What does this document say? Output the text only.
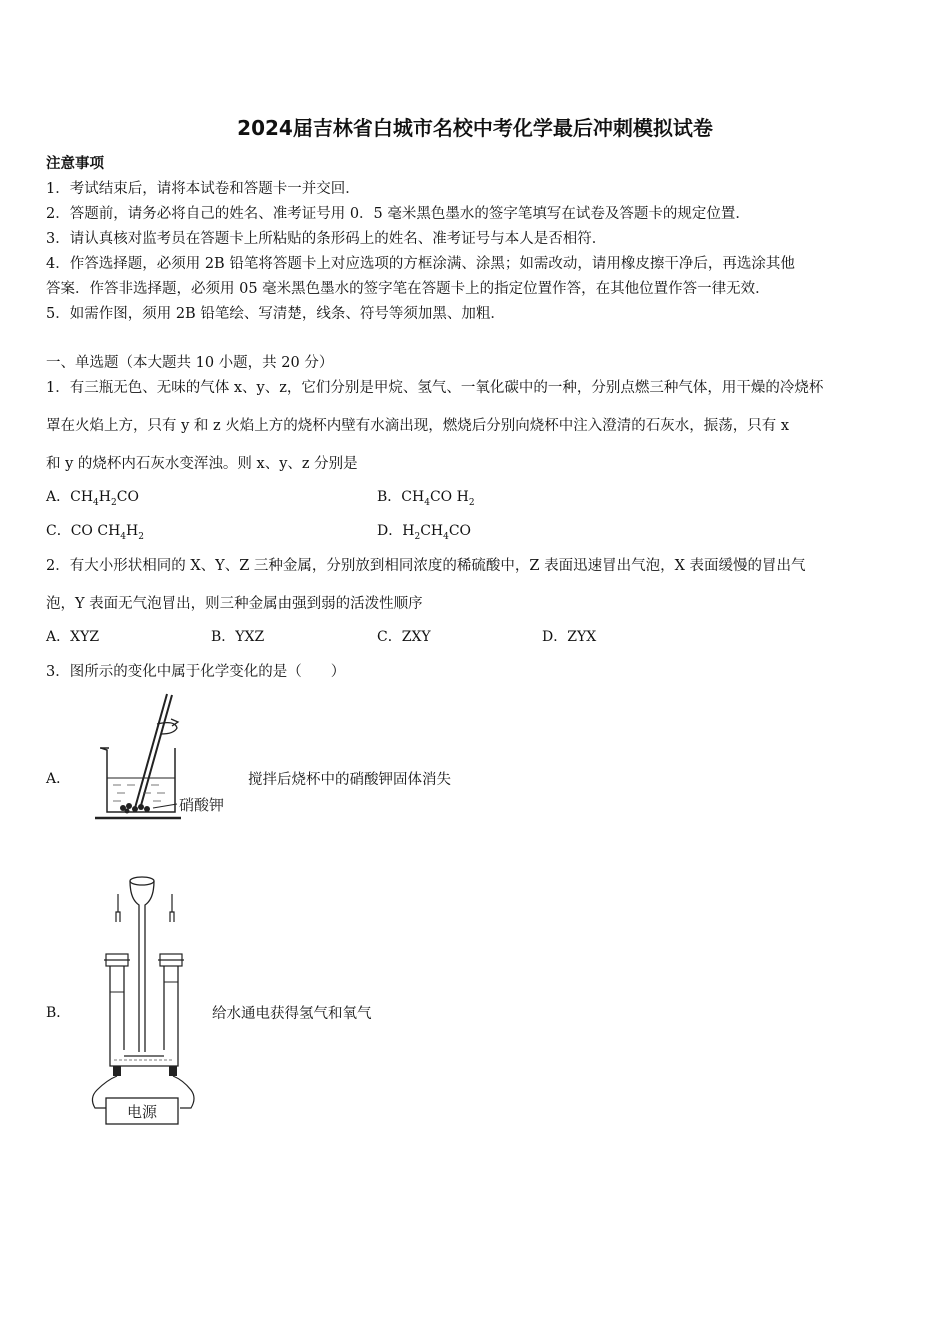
2024届吉林省白城市名校中考化学最后冲刺模拟试卷
注意事项
1．考试结束后，请将本试卷和答题卡一并交回．
2．答题前，请务必将自己的姓名、准考证号用 0．5 毫米黑色墨水的签字笔填写在试卷及答题卡的规定位置．
3．请认真核对监考员在答题卡上所粘贴的条形码上的姓名、准考证号与本人是否相符．
4．作答选择题，必须用 2B 铅笔将答题卡上对应选项的方框涂满、涂黑；如需改动，请用橡皮擦干净后，再选涂其他
答案．作答非选择题，必须用 05 毫米黑色墨水的签字笔在答题卡上的指定位置作答，在其他位置作答一律无效．
5．如需作图，须用 2B 铅笔绘、写清楚，线条、符号等须加黑、加粗．
一、单选题（本大题共 10 小题，共 20 分）
1．有三瓶无色、无味的气体 x、y、z，它们分别是甲烷、氢气、一氧化碳中的一种，分别点燃三种气体，用干燥的冷烧杯
罩在火焰上方，只有 y 和 z 火焰上方的烧杯内壁有水滴出现，燃烧后分别向烧杯中注入澄清的石灰水，振荡，只有 x
和 y 的烧杯内石灰水变浑浊。则 x、y、z 分别是
A．$CH_4H_2CO$	B．$CH_4CO$ $H_2$
C．CO $CH_4H_2$	D．$H_2CH_4CO$
2．有大小形状相同的 X、Y、Z 三种金属，分别放到相同浓度的稀硫酸中，Z 表面迅速冒出气泡，X 表面缓慢的冒出气
泡，Y 表面无气泡冒出，则三种金属由强到弱的活泼性顺序
A．XYZ	B．YXZ	C．ZXY	D．ZYX
3．图所示的变化中属于化学变化的是（　　）
A．
硝酸钾
搅拌后烧杯中的硝酸钾固体消失
B．
电源
给水通电获得氢气和氧气
